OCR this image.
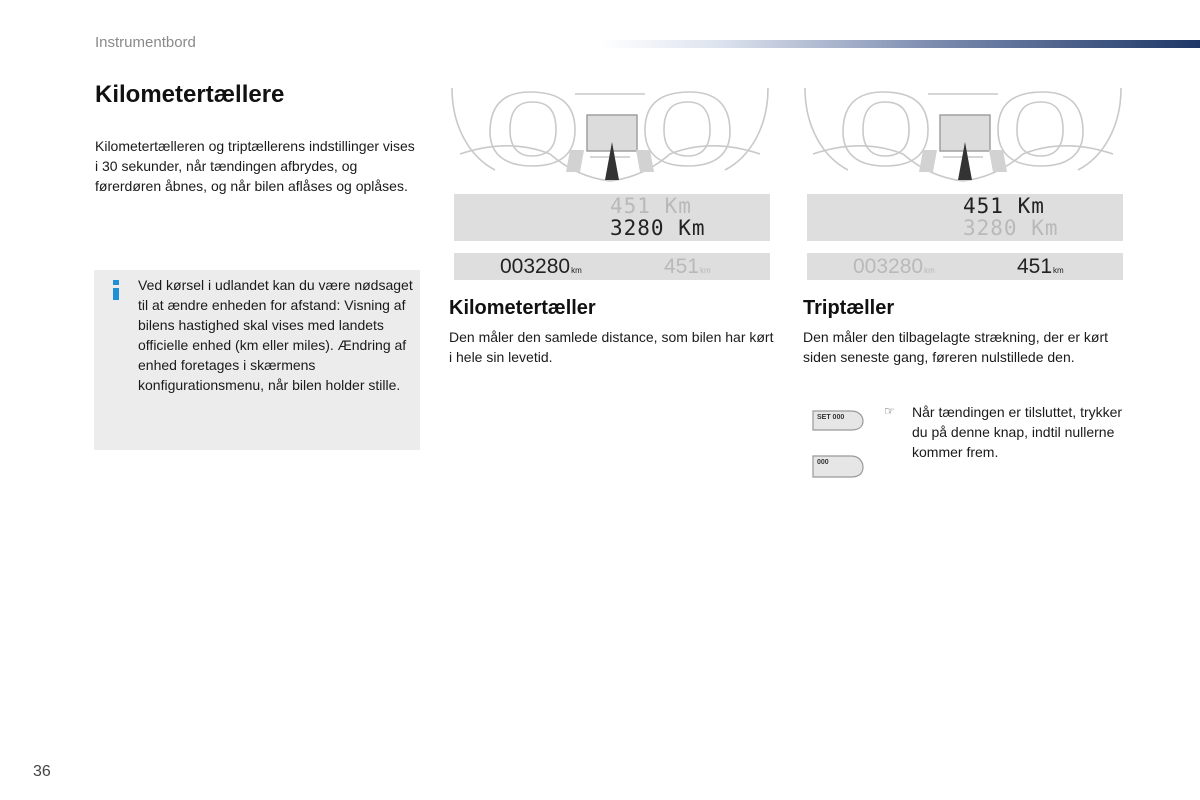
Instrumentbord
Kilometertællere

Kilometertælleren og triptællerens indstillinger vises i 30 sekunder, når tændingen afbrydes, og førerdøren åbnes, og når bilen aflåses og oplåses.

Ved kørsel i udlandet kan du være nødsaget til at ændre enheden for afstand: Visning af bilens hastighed skal vises med landets officielle enhed (km eller miles). Ændring af enhed foretages i skærmens konfigurationsmenu, når bilen holder stille.

451 Km
3280 Km
003280km	451km
451 Km
3280 Km
003280km	451km
Kilometertæller

Den måler den samlede distance, som bilen har kørt i hele sin levetid.

Triptæller

Den måler den tilbagelagte strækning, der er kørt siden seneste gang, føreren nulstillede den.

SET 000
000
☞ Når tændingen er tilsluttet, trykker du på denne knap, indtil nullerne kommer frem.

36
